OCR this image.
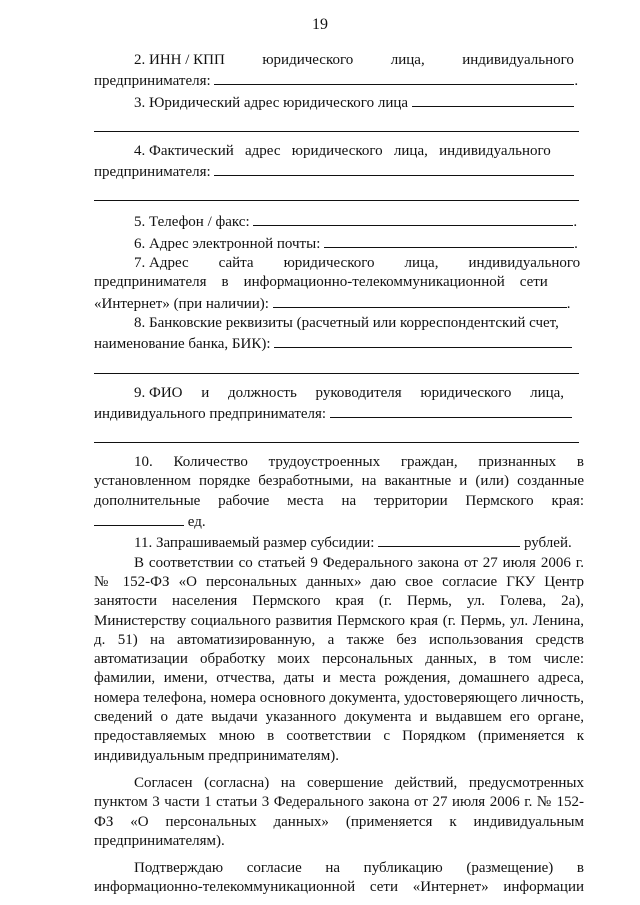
19

2. ИНН / КПП          юридического          лица,          индивидуального

предпринимателя:	.

3. Юридический адрес юридического лица

4. Фактический   адрес   юридического   лица,   индивидуального

предпринимателя:

5. Телефон / факс:	.

6. Адрес электронной почты:	.

7. Адрес        сайта        юридического        лица,        индивидуального

предпринимателя    в    информационно-телекоммуникационной    сети

«Интернет» (при наличии):	.

8. Банковские реквизиты (расчетный или корреспондентский счет,

наименование банка, БИК):

9. ФИО     и     должность     руководителя     юридического     лица,

индивидуального предпринимателя:

10. Количество трудоустроенных граждан, признанных в установленном порядке безработными, на вакантные и (или) созданные дополнительные рабочие места на территории Пермского края:

ед.

11. Запрашиваемый размер субсидии:	рублей.

В соответствии со статьей 9 Федерального закона от 27 июля 2006 г. № 152-ФЗ «О персональных данных» даю свое согласие ГКУ Центр занятости населения Пермского края (г. Пермь, ул. Голева, 2а), Министерству социального развития Пермского края (г. Пермь, ул. Ленина, д. 51) на автоматизированную, а также без использования средств автоматизации обработку моих персональных данных, в том числе: фамилии, имени, отчества, даты и места рождения, домашнего адреса, номера телефона, номера основного документа, удостоверяющего личность, сведений о дате выдачи указанного документа и выдавшем его органе, предоставляемых мною в соответствии с Порядком (применяется к индивидуальным предпринимателям).

Согласен (согласна) на совершение действий, предусмотренных пунктом 3 части 1 статьи 3 Федерального закона от 27 июля 2006 г. № 152-ФЗ «О персональных данных» (применяется к индивидуальным предпринимателям).

Подтверждаю согласие на публикацию (размещение) в информационно-телекоммуникационной сети «Интернет» информации
